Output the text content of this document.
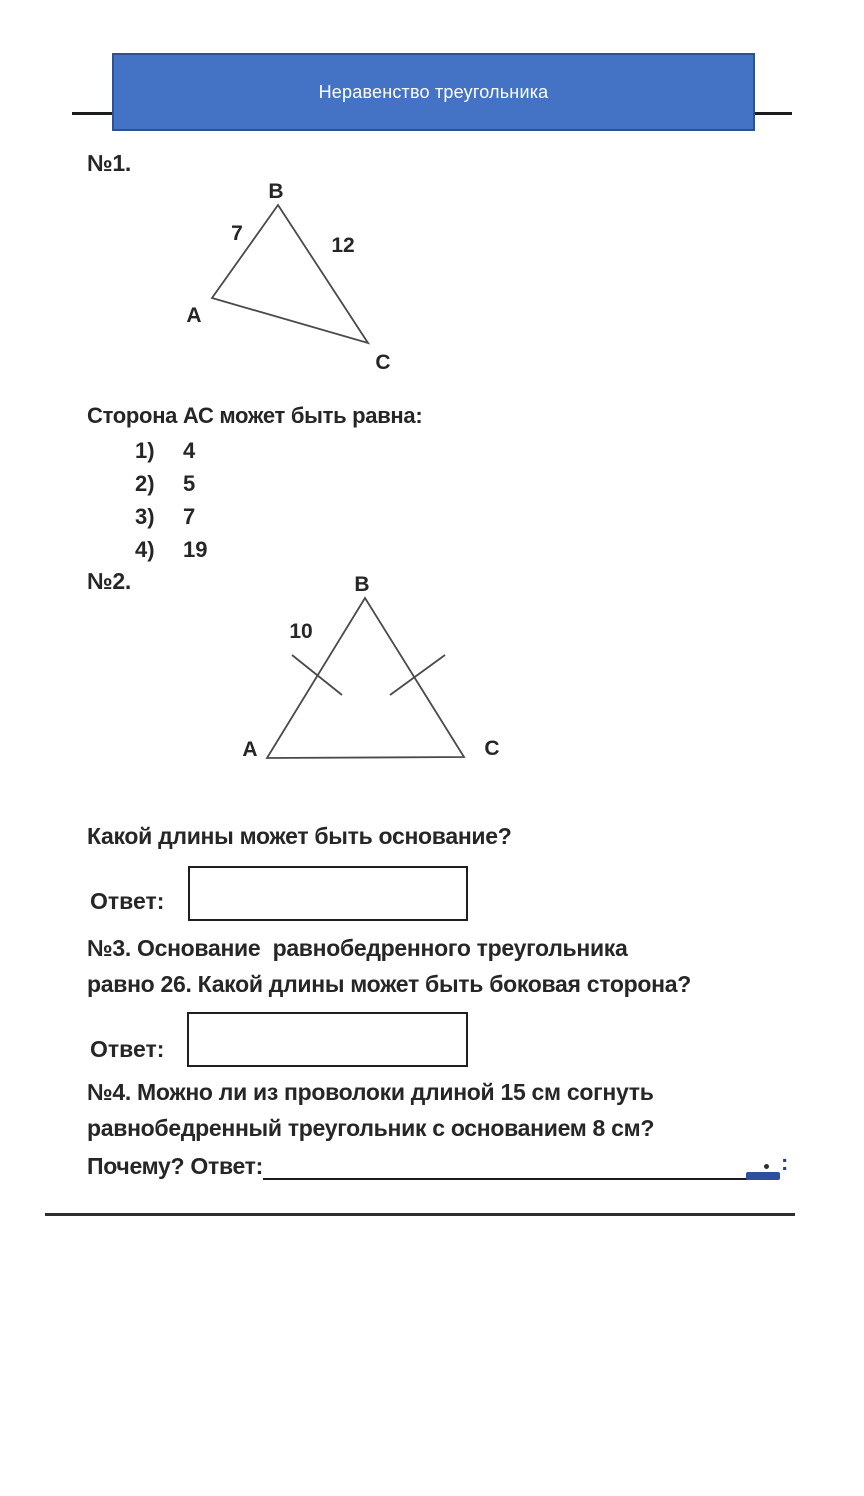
Неравенство треугольника
№1.
B
7
12
A
C
Сторона АС может быть равна:
1)	4
2)	5
3)	7
4)	19
№2.	B
10
A	C
Какой длины может быть основание?
Ответ:
№3. Основание  равнобедренного треугольника
равно 26. Какой длины может быть боковая сторона?
Ответ:
№4. Можно ли из проволоки длиной 15 см согнуть
равнобедренный треугольник с основанием 8 см?
Почему? Ответ:	:
